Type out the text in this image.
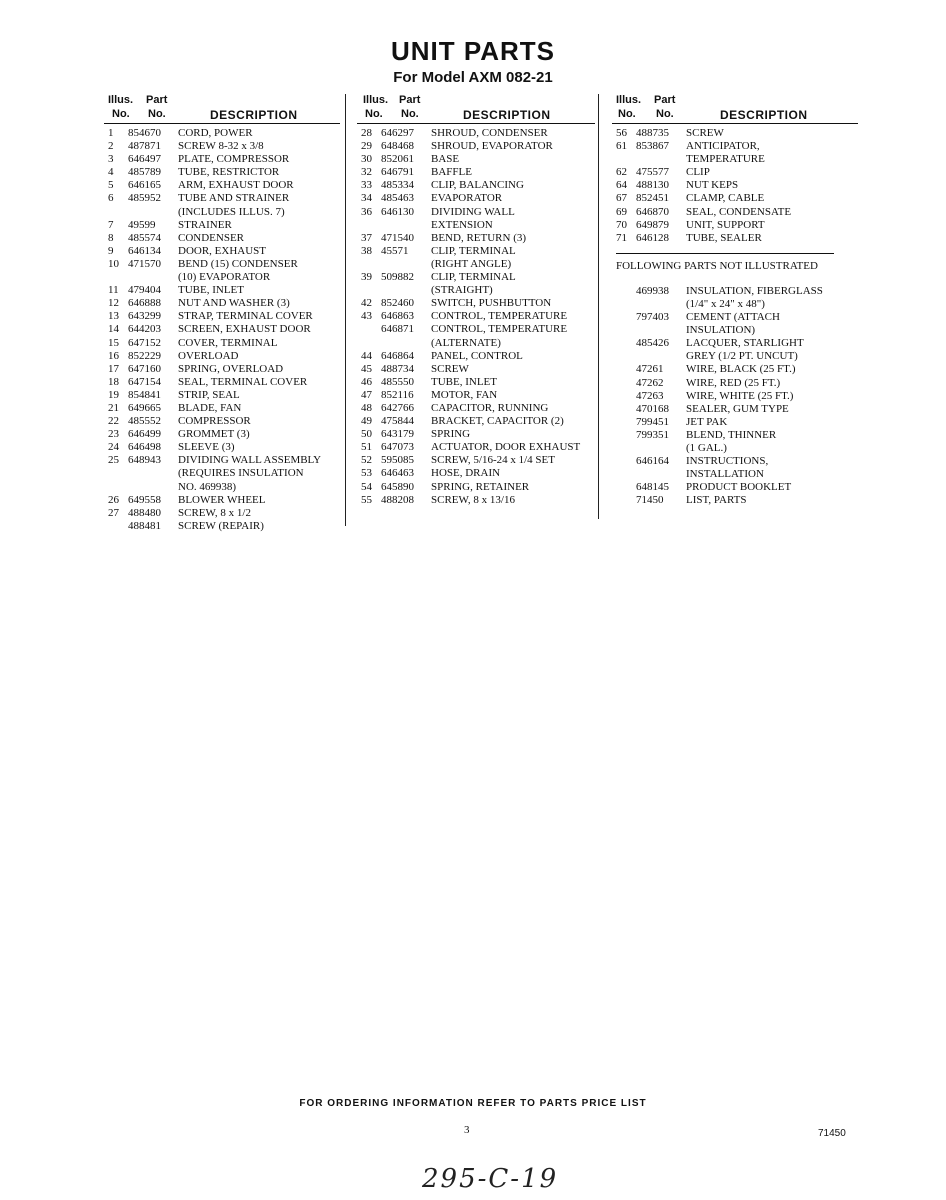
UNIT PARTS
For Model AXM 082-21
Illus. Part
No. No.	DESCRIPTION
1	854670	CORD, POWER
2	487871	SCREW 8-32 x 3/8
3	646497	PLATE, COMPRESSOR
4	485789	TUBE, RESTRICTOR
5	646165	ARM, EXHAUST DOOR
6	485952	TUBE AND STRAINER
(INCLUDES ILLUS. 7)
7	49599	STRAINER
8	485574	CONDENSER
9	646134	DOOR, EXHAUST
10 471570	BEND (15) CONDENSER
(10) EVAPORATOR
11 479404	TUBE, INLET
12 646888	NUT AND WASHER (3)
13 643299	STRAP, TERMINAL COVER
14 644203	SCREEN, EXHAUST DOOR
15 647152	COVER, TERMINAL
16 852229	OVERLOAD
17 647160	SPRING, OVERLOAD
18 647154	SEAL, TERMINAL COVER
19 854841	STRIP, SEAL
21 649665	BLADE, FAN
22 485552	COMPRESSOR
23 646499	GROMMET (3)
24 646498	SLEEVE (3)
25 648943	DIVIDING WALL ASSEMBLY
(REQUIRES INSULATION
NO. 469938)
26 649558	BLOWER WHEEL
27 488480	SCREW, 8 x 1/2
488481	SCREW (REPAIR)
Illus. Part
No. No.	DESCRIPTION
28 646297	SHROUD, CONDENSER
29 648468	SHROUD, EVAPORATOR
30 852061	BASE
32 646791	BAFFLE
33 485334	CLIP, BALANCING
34 485463	EVAPORATOR
36 646130	DIVIDING WALL
EXTENSION
37 471540	BEND, RETURN (3)
38 45571	CLIP, TERMINAL
(RIGHT ANGLE)
39 509882	CLIP, TERMINAL
(STRAIGHT)
42 852460	SWITCH, PUSHBUTTON
43 646863	CONTROL, TEMPERATURE
646871	CONTROL, TEMPERATURE
(ALTERNATE)
44 646864	PANEL, CONTROL
45 488734	SCREW
46 485550	TUBE, INLET
47 852116	MOTOR, FAN
48 642766	CAPACITOR, RUNNING
49 475844	BRACKET, CAPACITOR (2)
50 643179	SPRING
51 647073	ACTUATOR, DOOR EXHAUST
52 595085	SCREW, 5/16-24 x 1/4 SET
53 646463	HOSE, DRAIN
54 645890	SPRING, RETAINER
55 488208	SCREW, 8 x 13/16
Illus. Part
No. No.	DESCRIPTION
56 488735	SCREW
61 853867	ANTICIPATOR,
TEMPERATURE
62 475577	CLIP
64 488130	NUT KEPS
67 852451	CLAMP, CABLE
69 646870	SEAL, CONDENSATE
70 649879	UNIT, SUPPORT
71 646128	TUBE, SEALER
FOLLOWING PARTS NOT ILLUSTRATED
469938	INSULATION, FIBERGLASS
(1/4" x 24" x 48")
797403	CEMENT (ATTACH
INSULATION)
485426	LACQUER, STARLIGHT
GREY (1/2 PT. UNCUT)
47261	WIRE, BLACK (25 FT.)
47262	WIRE, RED (25 FT.)
47263	WIRE, WHITE (25 FT.)
470168	SEALER, GUM TYPE
799451	JET PAK
799351	BLEND, THINNER
(1 GAL.)
646164	INSTRUCTIONS,
INSTALLATION
648145	PRODUCT BOOKLET
71450	LIST, PARTS
FOR ORDERING INFORMATION REFER TO PARTS PRICE LIST
3	71450
295-C-19
